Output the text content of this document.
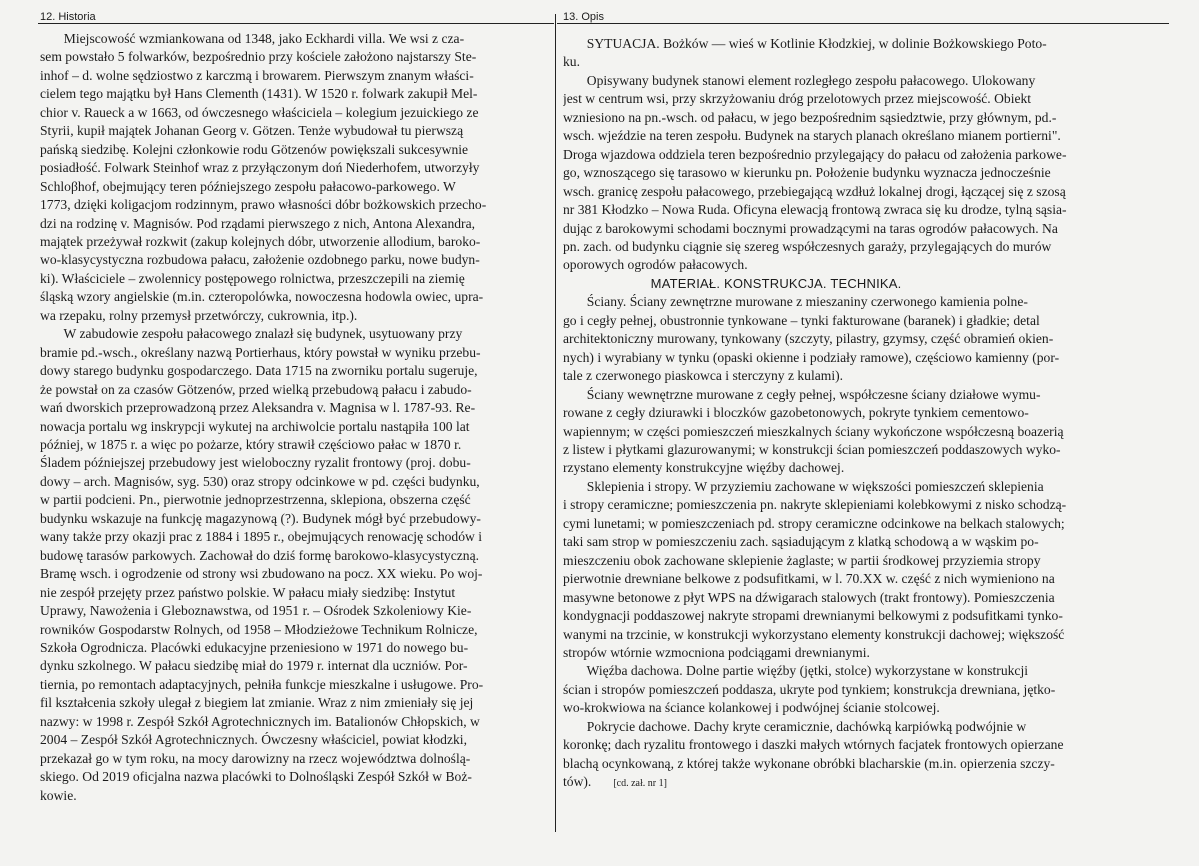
12. Historia
Miejscowość wzmiankowana od 1348, jako Eckhardi villa. We wsi z cza-
sem powstało 5 folwarków, bezpośrednio przy kościele założono najstarszy Ste-
inhof – d. wolne sędziostwo z karczmą i browarem. Pierwszym znanym właści-
cielem tego majątku był Hans Clementh (1431). W 1520 r. folwark zakupił Mel-
chior v. Raueck a w 1663, od ówczesnego właściciela – kolegium jezuickiego ze
Styrii, kupił majątek Johanan Georg v. Götzen. Tenże wybudował tu pierwszą
pańską siedzibę. Kolejni członkowie rodu Götzenów powiększali sukcesywnie
posiadłość. Folwark Steinhof wraz z przyłączonym doń Niederhofem, utworzyły
Schloβhof, obejmujący teren późniejszego zespołu pałacowo-parkowego. W
1773, dzięki koligacjom rodzinnym, prawo własności dóbr bożkowskich przecho-
dzi na rodzinę v. Magnisów. Pod rządami pierwszego z nich, Antona Alexandra,
majątek przeżywał rozkwit (zakup kolejnych dóbr, utworzenie allodium, baroko-
wo-klasycystyczna rozbudowa pałacu, założenie ozdobnego parku, nowe budyn-
ki). Właściciele – zwolennicy postępowego rolnictwa, przeszczepili na ziemię
śląską wzory angielskie (m.in. czteropolówka, nowoczesna hodowla owiec, upra-
wa rzepaku, rolny przemysł przetwórczy, cukrownia, itp.).
W zabudowie zespołu pałacowego znalazł się budynek, usytuowany przy
bramie pd.-wsch., określany nazwą Portierhaus, który powstał w wyniku przebu-
dowy starego budynku gospodarczego. Data 1715 na zworniku portalu sugeruje,
że powstał on za czasów Götzenów, przed wielką przebudową pałacu i zabudo-
wań dworskich przeprowadzoną przez Aleksandra v. Magnisa w l. 1787-93. Re-
nowacja portalu wg inskrypcji wykutej na archiwolcie portalu nastąpiła 100 lat
później, w 1875 r. a więc po pożarze, który strawił częściowo pałac w 1870 r.
Śladem późniejszej przebudowy jest wieloboczny ryzalit frontowy (proj. dobu-
dowy – arch. Magnisów, syg. 530) oraz stropy odcinkowe w pd. części budynku,
w partii podcieni. Pn., pierwotnie jednoprzestrzenna, sklepiona, obszerna część
budynku wskazuje na funkcję magazynową (?). Budynek mógł być przebudowy-
wany także przy okazji prac z 1884 i 1895 r., obejmujących renowację schodów i
budowę tarasów parkowych. Zachował do dziś formę barokowo-klasycystyczną.
Bramę wsch. i ogrodzenie od strony wsi zbudowano na pocz. XX wieku. Po woj-
nie zespół przejęty przez państwo polskie. W pałacu miały siedzibę: Instytut
Uprawy, Nawożenia i Gleboznawstwa, od 1951 r. – Ośrodek Szkoleniowy Kie-
rowników Gospodarstw Rolnych, od 1958 – Młodzieżowe Technikum Rolnicze,
Szkoła Ogrodnicza. Placówki edukacyjne przeniesiono w 1971 do nowego bu-
dynku szkolnego. W pałacu siedzibę miał do 1979 r. internat dla uczniów. Por-
tiernia, po remontach adaptacyjnych, pełniła funkcje mieszkalne i usługowe. Pro-
fil kształcenia szkoły ulegał z biegiem lat zmianie. Wraz z nim zmieniały się jej
nazwy: w 1998 r. Zespół Szkół Agrotechnicznych im. Batalionów Chłopskich, w
2004 – Zespół Szkół Agrotechnicznych. Ówczesny właściciel, powiat kłodzki,
przekazał go w tym roku, na mocy darowizny na rzecz województwa dolnoślą-
skiego. Od 2019 oficjalna nazwa placówki to Dolnośląski Zespół Szkół w Boż-
kowie.
13. Opis
SYTUACJA. Bożków — wieś w Kotlinie Kłodzkiej, w dolinie Bożkowskiego Poto-
ku.
Opisywany budynek stanowi element rozległego zespołu pałacowego. Ulokowany
jest w centrum wsi, przy skrzyżowaniu dróg przelotowych przez miejscowość. Obiekt
wzniesiono na pn.-wsch. od pałacu, w jego bezpośrednim sąsiedztwie, przy głównym, pd.-
wsch. wjeździe na teren zespołu. Budynek na starych planach określano mianem portierni".
Droga wjazdowa oddziela teren bezpośrednio przylegający do pałacu od założenia parkowe-
go, wznoszącego się tarasowo w kierunku pn. Położenie budynku wyznacza jednocześnie
wsch. granicę zespołu pałacowego, przebiegającą wzdłuż lokalnej drogi, łączącej się z szosą
nr 381 Kłodzko – Nowa Ruda. Oficyna elewacją frontową zwraca się ku drodze, tylną sąsia-
dując z barokowymi schodami bocznymi prowadzącymi na taras ogrodów pałacowych. Na
pn. zach. od budynku ciągnie się szereg współczesnych garaży, przylegających do murów
oporowych ogrodów pałacowych.
MATERIAŁ. KONSTRUKCJA. TECHNIKA.
Ściany. Ściany zewnętrzne murowane z mieszaniny czerwonego kamienia polne-
go i cegły pełnej, obustronnie tynkowane – tynki fakturowane (baranek) i gładkie; detal
architektoniczny murowany, tynkowany (szczyty, pilastry, gzymsy, część obramień okien-
nych) i wyrabiany w tynku (opaski okienne i podziały ramowe), częściowo kamienny (por-
tale z czerwonego piaskowca i sterczyny z kulami).
Ściany wewnętrzne murowane z cegły pełnej, współczesne ściany działowe wymu-
rowane z cegły dziurawki i bloczków gazobetonowych, pokryte tynkiem cementowo-
wapiennym; w części pomieszczeń mieszkalnych ściany wykończone współczesną boazerią
z listew i płytkami glazurowanymi; w konstrukcji ścian pomieszczeń poddaszowych wyko-
rzystano elementy konstrukcyjne więźby dachowej.
Sklepienia i stropy. W przyziemiu zachowane w większości pomieszczeń sklepienia
i stropy ceramiczne; pomieszczenia pn. nakryte sklepieniami kolebkowymi z nisko schodzą-
cymi lunetami; w pomieszczeniach pd. stropy ceramiczne odcinkowe na belkach stalowych;
taki sam strop w pomieszczeniu zach. sąsiadującym z klatką schodową a w wąskim po-
mieszczeniu obok zachowane sklepienie żaglaste; w partii środkowej przyziemia stropy
pierwotnie drewniane belkowe z podsufitkami, w l. 70.XX w. część z nich wymieniono na
masywne betonowe z płyt WPS na dźwigarach stalowych (trakt frontowy). Pomieszczenia
kondygnacji poddaszowej nakryte stropami drewnianymi belkowymi z podsufitkami tynko-
wanymi na trzcinie, w konstrukcji wykorzystano elementy konstrukcji dachowej; większość
stropów wtórnie wzmocniona podciągami drewnianymi.
Więźba dachowa. Dolne partie więźby (jętki, stolce) wykorzystane w konstrukcji
ścian i stropów pomieszczeń poddasza, ukryte pod tynkiem; konstrukcja drewniana, jętko-
wo-krokwiowa na ściance kolankowej i podwójnej ścianie stolcowej.
Pokrycie dachowe. Dachy kryte ceramicznie, dachówką karpiówką podwójnie w
koronkę; dach ryzalitu frontowego i daszki małych wtórnych facjatek frontowych opierzane
blachą ocynkowaną, z której także wykonane obróbki blacharskie (m.in. opierzenia szczy-
tów). [cd. zał. nr 1]
